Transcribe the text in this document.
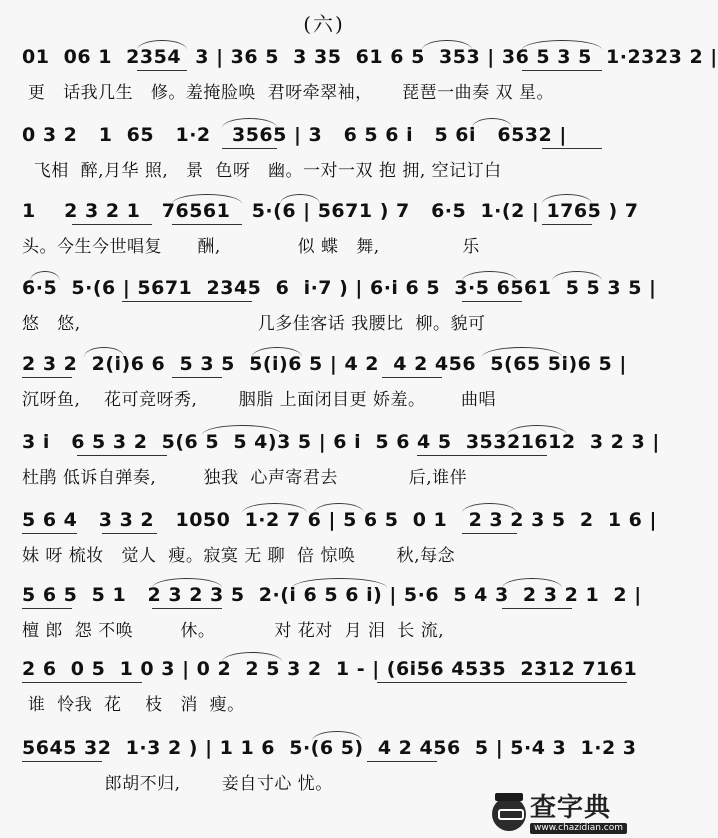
(六)
01  06 1  2354  3 | 36 5  3 35  61 6 5  353 | 36 5 3 5  1·2323 2 |
更   话我几生   修。羞掩脸唤  君呀牵翠袖，     琵琶一曲奏 双 星。
0 3 2   1  65   1·2   3565 | 3   6 5 6 i   5 6i   6532 |
飞相  醉,月华 照,   景  色呀   幽。一对一双 抱 拥, 空记订白
1    2 3 2 1   76561   5·(6 | 5671 ) 7   6·5  1·(2 | 1765 ) 7
头。今生今世唱复      酬,             似 蝶   舞,              乐
6·5  5·(6 | 5671  2345  6  i·7 ) | 6·i 6 5  3·5 6561  5 5 3 5 |
悠   悠,                              几多佳客话 我腰比  柳。貌可
2 3 2  2(i)6 6  5 3 5  5(i)6 5 | 4 2  4 2 456  5(65 5i)6 5 |
沉呀鱼,    花可竞呀秀,       胭脂 上面闭目更 娇羞。      曲唱
3 i   6 5 3 2  5(6 5  5 4)3 5 | 6 i  5 6 4 5  35321612  3 2 3 |
杜鹃 低诉自弹奏,        独我  心声寄君去            后,谁伴
5 6 4   3 3 2   1050  1·2 7 6 | 5 6 5  0 1   2 3 2 3 5  2  1 6 |
妹 呀 梳妆   觉人  瘦。寂寞 无 聊  倍 惊唤       秋,每念
5 6 5  5 1   2 3 2 3 5  2·(i 6 5 6 i) | 5·6  5 4 3  2 3 2 1  2 |
檀 郎  怨 不唤        休。          对 花对  月 泪  长 流,
2 6  0 5  1 0 3 | 0 2  2 5 3 2  1 - | (6i56 4535  2312 7161
谁  怜我  花    枝   消  瘦。
5645 32  1·3 2 ) | 1 1 6  5·(6 5)  4 2 456  5 | 5·4 3  1·2 3
郎胡不归,       妾自寸心 忧。
查字典
www.chazidian.com
